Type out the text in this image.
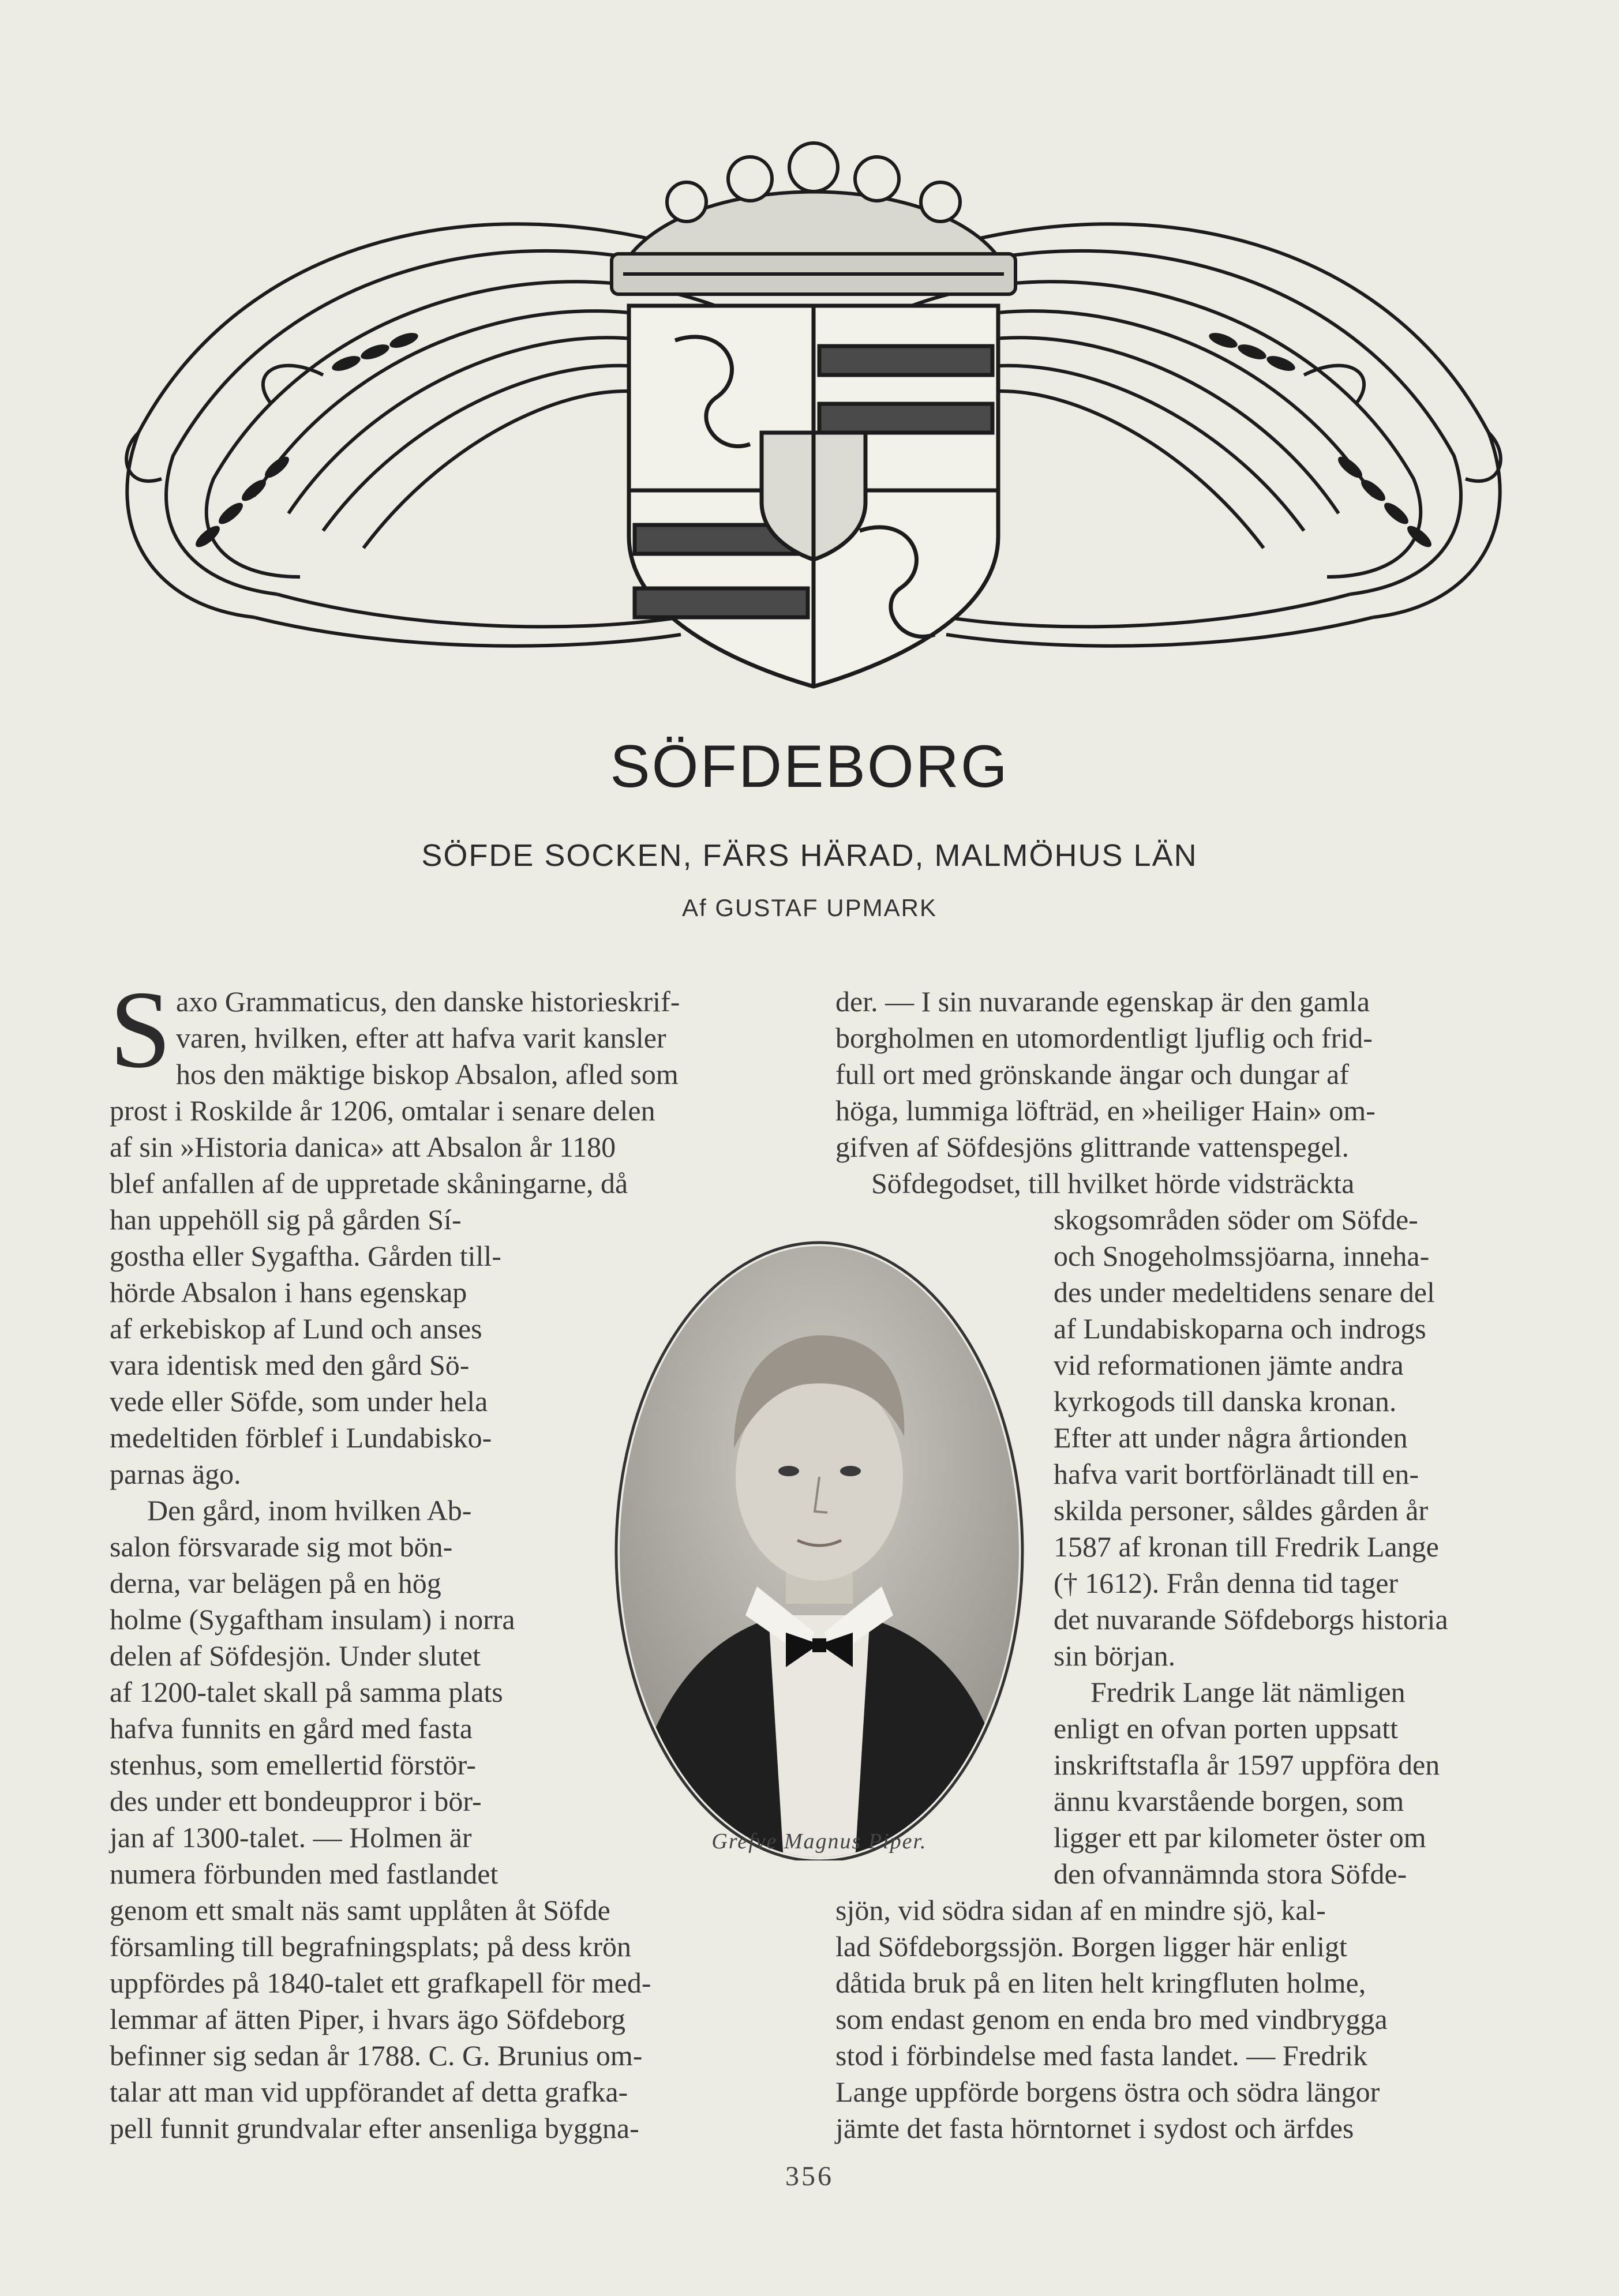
SÖFDEBORG
SÖFDE SOCKEN, FÄRS HÄRAD, MALMÖHUS LÄN
Af GUSTAF UPMARK
S axo Grammaticus, den danske historieskrif-
varen, hvilken, efter att hafva varit kansler
hos den mäktige biskop Absalon, afled som
prost i Roskilde år 1206, omtalar i senare delen
af sin »Historia danica» att Absalon år 1180
blef anfallen af de uppretade skåningarne, då
han uppehöll sig på gården Sí-
gostha eller Sygaftha. Gården till-
hörde Absalon i hans egenskap
af erkebiskop af Lund och anses
vara identisk med den gård Sö-
vede eller Söfde, som under hela
medeltiden förblef i Lundabisko-
parnas ägo.
Den gård, inom hvilken Ab-
salon försvarade sig mot bön-
derna, var belägen på en hög
holme (Sygaftham insulam) i norra
delen af Söfdesjön. Under slutet
af 1200-talet skall på samma plats
hafva funnits en gård med fasta
stenhus, som emellertid förstör-
des under ett bondeuppror i bör-
jan af 1300-talet. — Holmen är
numera förbunden med fastlandet
genom ett smalt näs samt upplåten åt Söfde
församling till begrafningsplats; på dess krön
uppfördes på 1840-talet ett grafkapell för med-
lemmar af ätten Piper, i hvars ägo Söfdeborg
befinner sig sedan år 1788. C. G. Brunius om-
talar att man vid uppförandet af detta grafka-
pell funnit grundvalar efter ansenliga byggna-
der. — I sin nuvarande egenskap är den gamla
borgholmen en utomordentligt ljuflig och frid-
full ort med grönskande ängar och dungar af
höga, lummiga löfträd, en »heiliger Hain» om-
gifven af Söfdesjöns glittrande vattenspegel.
Söfdegodset, till hvilket hörde vidsträckta
skogsområden söder om Söfde-
och Snogeholmssjöarna, inneha-
des under medeltidens senare del
af Lundabiskoparna och indrogs
vid reformationen jämte andra
kyrkogods till danska kronan.
Efter att under några årtionden
hafva varit bortförlänadt till en-
skilda personer, såldes gården år
1587 af kronan till Fredrik Lange
(† 1612). Från denna tid tager
det nuvarande Söfdeborgs historia
sin början.
Fredrik Lange lät nämligen
enligt en ofvan porten uppsatt
inskriftstafla år 1597 uppföra den
ännu kvarstående borgen, som
ligger ett par kilometer öster om
den ofvannämnda stora Söfde-
sjön, vid södra sidan af en mindre sjö, kal-
lad Söfdeborgssjön. Borgen ligger här enligt
dåtida bruk på en liten helt kringfluten holme,
som endast genom en enda bro med vindbrygga
stod i förbindelse med fasta landet. — Fredrik
Lange uppförde borgens östra och södra längor
jämte det fasta hörntornet i sydost och ärfdes
Grefve Magnus Piper.
356
